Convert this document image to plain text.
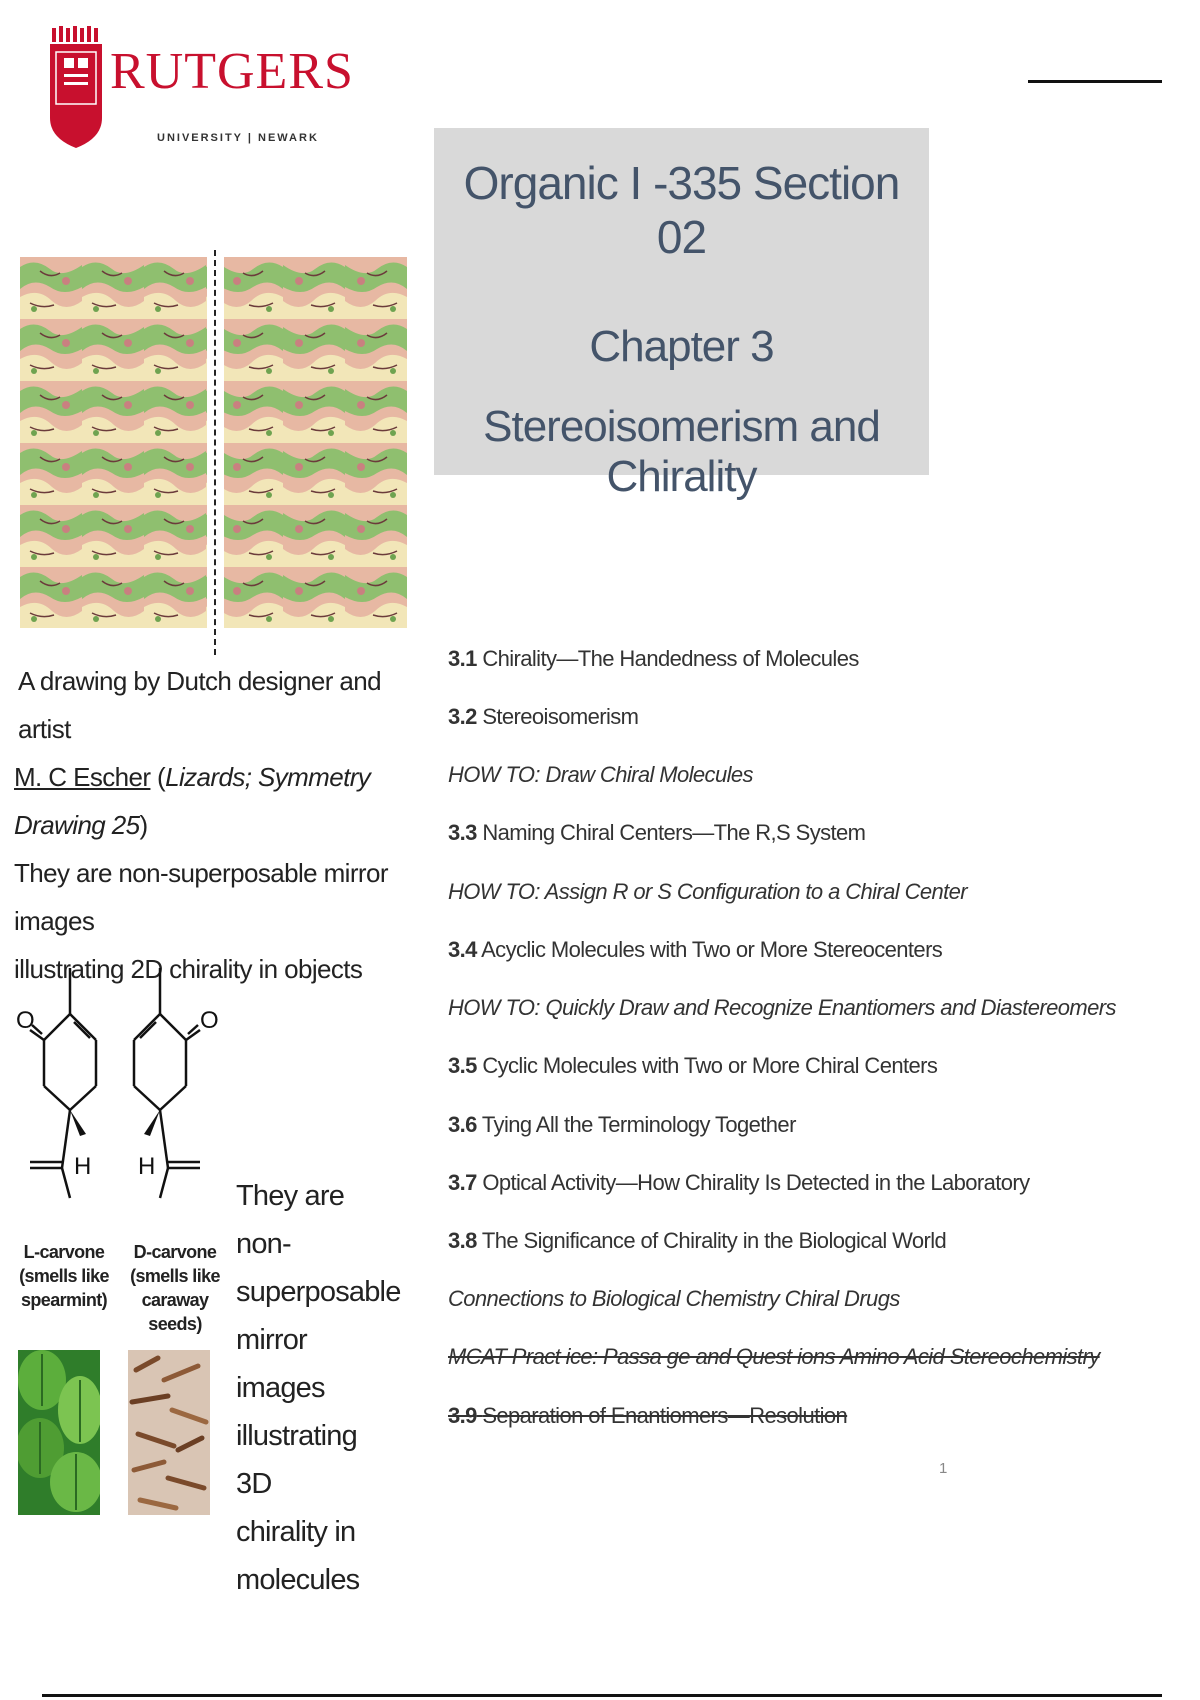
RUTGERS
UNIVERSITY | NEWARK
Organic I -335 Section 02
Chapter 3
Stereoisomerism and Chirality
A drawing by Dutch designer and artist
M. C Escher (Lizards; Symmetry Drawing 25)
They are non-superposable mirror images
illustrating 2D chirality in objects
3.1 Chirality—The Handedness of Molecules
3.2 Stereoisomerism
HOW TO: Draw Chiral Molecules
3.3 Naming Chiral Centers—The R,S System
HOW TO: Assign R or S Configuration to a Chiral Center
3.4 Acyclic Molecules with Two or More Stereocenters
HOW TO: Quickly Draw and Recognize Enantiomers and Diastereomers
3.5 Cyclic Molecules with Two or More Chiral Centers
3.6 Tying All the Terminology Together
3.7 Optical Activity—How Chirality Is Detected in the Laboratory
3.8 The Significance of Chirality in the Biological World
Connections to Biological Chemistry Chiral Drugs
MCAT Pract ice: Passa ge and Quest ions Amino Acid Stereochemistry
3.9 Separation of Enantiomers—Resolution
1
O
H
O
H
L-carvone
(smells like
spearmint)
D-carvone
(smells like
caraway seeds)
They are non-
superposable
mirror images
illustrating 3D
chirality in
molecules
